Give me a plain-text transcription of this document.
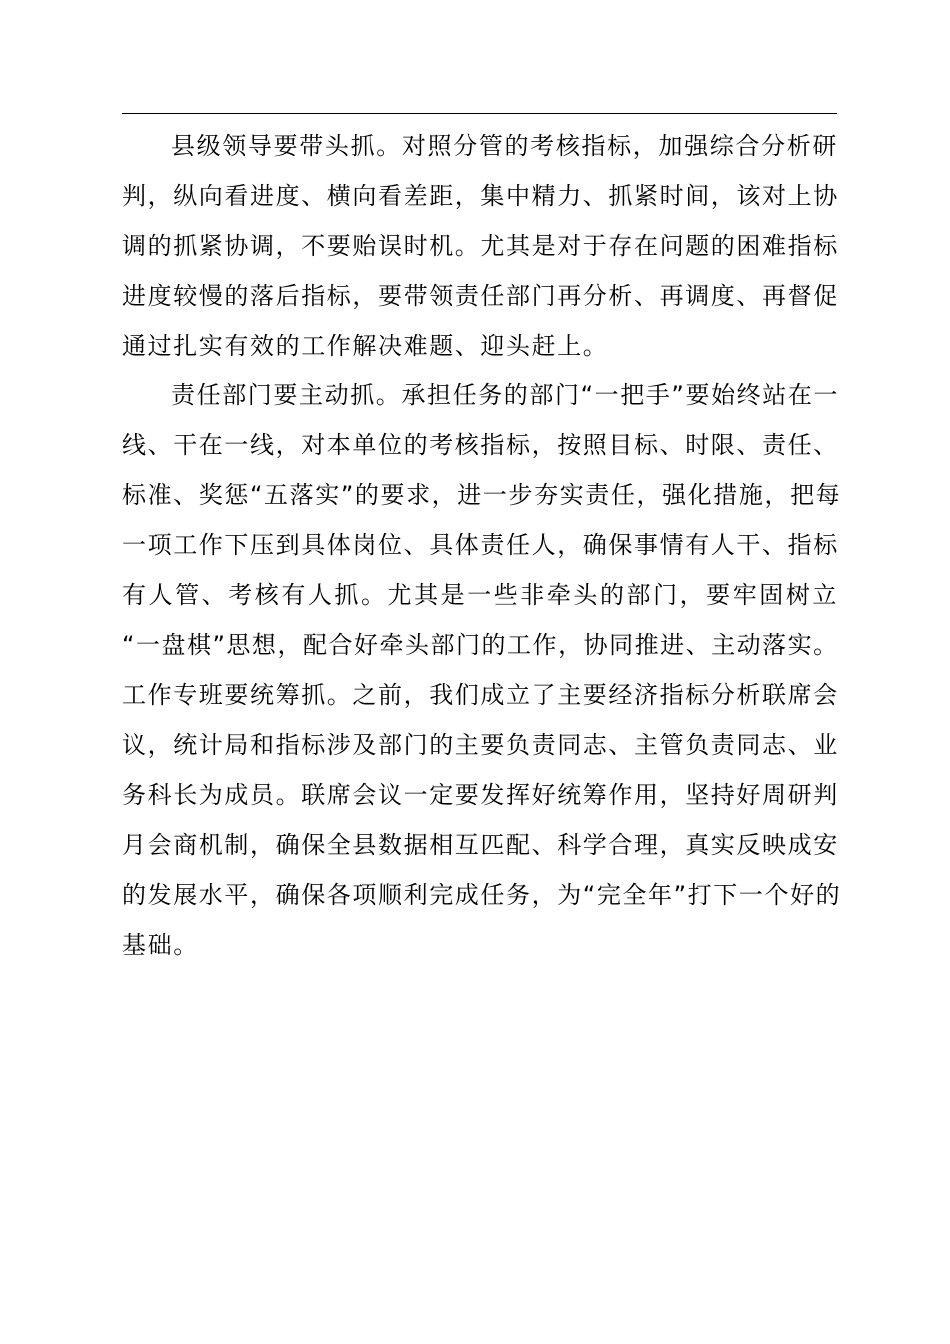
县级领导要带头抓。对照分管的考核指标，加强综合分析研
判，纵向看进度、横向看差距，集中精力、抓紧时间，该对上协
调的抓紧协调，不要贻误时机。尤其是对于存在问题的困难指标
进度较慢的落后指标，要带领责任部门再分析、再调度、再督促
通过扎实有效的工作解决难题、迎头赶上。
责任部门要主动抓。承担任务的部门“一把手”要始终站在一
线、干在一线，对本单位的考核指标，按照目标、时限、责任、
标准、奖惩“五落实”的要求，进一步夯实责任，强化措施，把每
一项工作下压到具体岗位、具体责任人，确保事情有人干、指标
有人管、考核有人抓。尤其是一些非牵头的部门，要牢固树立
“一盘棋”思想，配合好牵头部门的工作，协同推进、主动落实。
工作专班要统筹抓。之前，我们成立了主要经济指标分析联席会
议，统计局和指标涉及部门的主要负责同志、主管负责同志、业
务科长为成员。联席会议一定要发挥好统筹作用，坚持好周研判
月会商机制，确保全县数据相互匹配、科学合理，真实反映成安
的发展水平，确保各项顺利完成任务，为“完全年”打下一个好的
基础。
